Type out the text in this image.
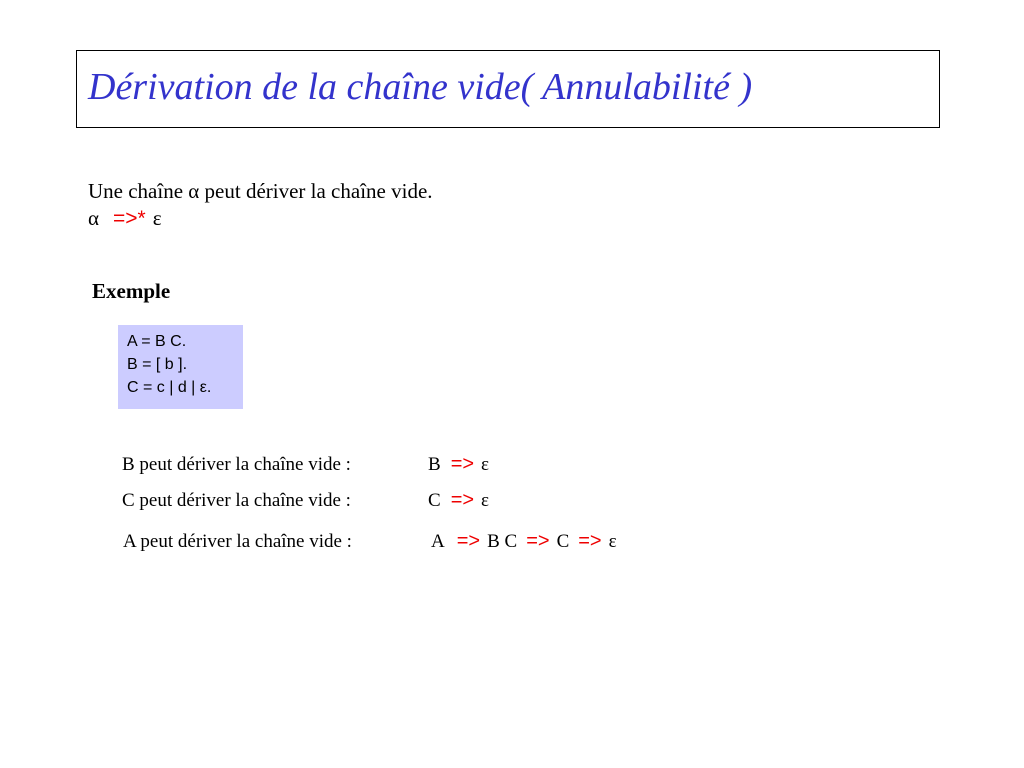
Dérivation de la chaîne vide( Annulabilité )
Une chaîne α peut dériver la chaîne vide.
α =>* ε
Exemple
A = B C.
B = [ b ].
C = c | d | ε.
B peut dériver la chaîne vide :	B => ε
C peut dériver la chaîne vide :	C => ε
A peut dériver la chaîne vide :	A => B C => C => ε
